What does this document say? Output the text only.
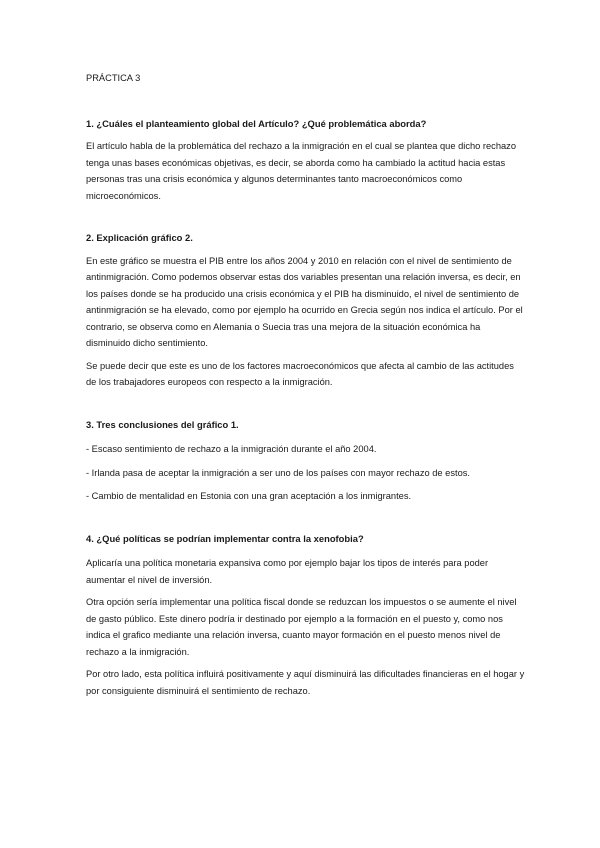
PRÁCTICA 3

1. ¿Cuáles el planteamiento global del Artículo? ¿Qué problemática aborda?

El artículo habla de la problemática del rechazo a la inmigración en el cual se plantea que dicho rechazo tenga unas bases económicas objetivas, es decir, se aborda como ha cambiado la actitud hacia estas personas tras una crisis económica y algunos determinantes tanto macroeconómicos como microeconómicos.

2. Explicación gráfico 2.

En este gráfico se muestra el PIB entre los años 2004 y 2010 en relación con el nivel de sentimiento de antinmigración. Como podemos observar estas dos variables presentan una relación inversa, es decir, en los países donde se ha producido una crisis económica y el PIB ha disminuido, el nivel de sentimiento de antinmigración se ha elevado, como por ejemplo ha ocurrido en Grecia según nos indica el artículo. Por el contrario, se observa como en Alemania o Suecia tras una mejora de la situación económica ha disminuido dicho sentimiento.

Se puede decir que este es uno de los factores macroeconómicos que afecta al cambio de las actitudes de los trabajadores europeos con respecto a la inmigración.

3. Tres conclusiones del gráfico 1.

- Escaso sentimiento de rechazo a la inmigración durante el año 2004.

- Irlanda pasa de aceptar la inmigración a ser uno de los países con mayor rechazo de estos.

- Cambio de mentalidad en Estonia con una gran aceptación a los inmigrantes.

4. ¿Qué políticas se podrían implementar contra la xenofobia?

Aplicaría una política monetaria expansiva como por ejemplo bajar los tipos de interés para poder aumentar el nivel de inversión.

Otra opción sería implementar una política fiscal donde se reduzcan los impuestos o se aumente el nivel de gasto público. Este dinero podría ir destinado por ejemplo a la formación en el puesto y, como nos indica el grafico mediante una relación inversa, cuanto mayor formación en el puesto menos nivel de rechazo a la inmigración.

Por otro lado, esta política influirá positivamente y aquí disminuirá las dificultades financieras en el hogar y por consiguiente disminuirá el sentimiento de rechazo.
